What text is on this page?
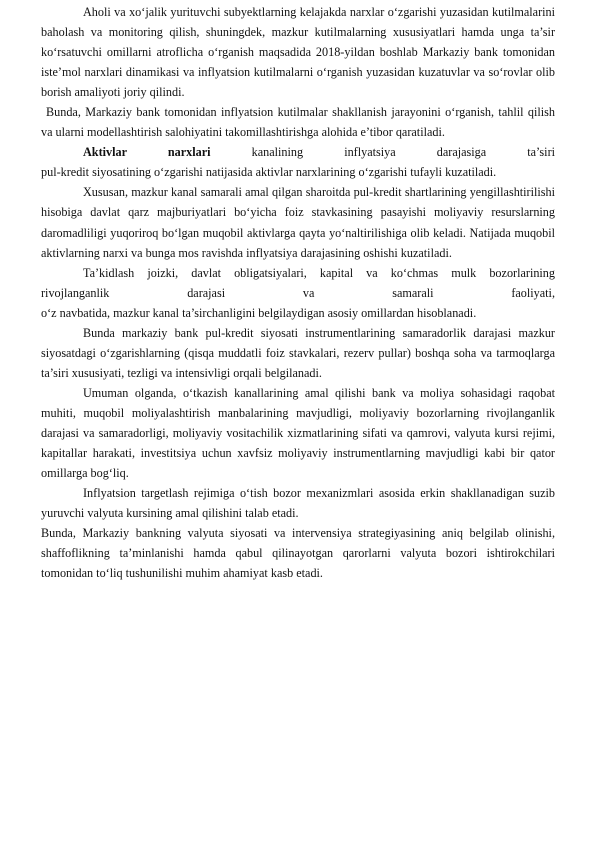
Aholi va xo‘jalik yurituvchi subyektlarning kelajakda narxlar o‘zgarishi yuzasidan kutilmalarini baholash va monitoring qilish, shuningdek, mazkur kutilmalarning xususiyatlari hamda unga ta’sir ko‘rsatuvchi omillarni atroflicha o‘rganish maqsadida 2018-yildan boshlab Markaziy bank tomonidan iste’mol narxlari dinamikasi va inflyatsion kutilmalarni o‘rganish yuzasidan kuzatuvlar va so‘rovlar olib borish amaliyoti joriy qilindi.

Bunda, Markaziy bank tomonidan inflyatsion kutilmalar shakllanish jarayonini o‘rganish, tahlil qilish va ularni modellashtirish salohiyatini takomillashtirishga alohida e’tibor qaratiladi.

Aktivlar narxlari	kanalining inflyatsiya darajasiga ta’siri

pul-kredit siyosatining o‘zgarishi natijasida aktivlar narxlarining o‘zgarishi tufayli kuzatiladi.

Xususan, mazkur kanal samarali amal qilgan sharoitda pul-kredit shartlarining yengillashtirilishi hisobiga davlat qarz majburiyatlari bo‘yicha foiz stavkasining pasayishi moliyaviy resurslarning daromadliligi yuqoriroq bo‘lgan muqobil aktivlarga qayta yo‘naltirilishiga olib keladi. Natijada muqobil aktivlarning narxi va bunga mos ravishda inflyatsiya darajasining oshishi kuzatiladi.

Ta’kidlash joizki, davlat obligatsiyalari, kapital va ko‘chmas mulk bozorlarining

rivojlanganlik darajasi va samarali faoliyati,

o‘z navbatida, mazkur kanal ta’sirchanligini belgilaydigan asosiy omillardan hisoblanadi.

Bunda markaziy bank pul-kredit siyosati instrumentlarining samaradorlik darajasi mazkur siyosatdagi o‘zgarishlarning (qisqa muddatli foiz stavkalari, rezerv pullar) boshqa soha va tarmoqlarga ta’siri xususiyati, tezligi va intensivligi orqali belgilanadi.

Umuman olganda, o‘tkazish kanallarining amal qilishi bank va moliya sohasidagi raqobat muhiti, muqobil moliyalashtirish manbalarining mavjudligi, moliyaviy bozorlarning rivojlanganlik darajasi va samaradorligi, moliyaviy vositachilik xizmatlarining sifati va qamrovi, valyuta kursi rejimi, kapitallar harakati, investitsiya uchun xavfsiz moliyaviy instrumentlarning mavjudligi kabi bir qator omillarga bog‘liq.

Inflyatsion targetlash rejimiga o‘tish bozor mexanizmlari asosida erkin shakllanadigan suzib yuruvchi valyuta kursining amal qilishini talab etadi.

Bunda, Markaziy bankning valyuta siyosati va intervensiya strategiyasining aniq belgilab olinishi, shaffoflikning ta’minlanishi hamda qabul qilinayotgan qarorlarni valyuta bozori ishtirokchilari tomonidan to‘liq tushunilishi muhim ahamiyat kasb etadi.
